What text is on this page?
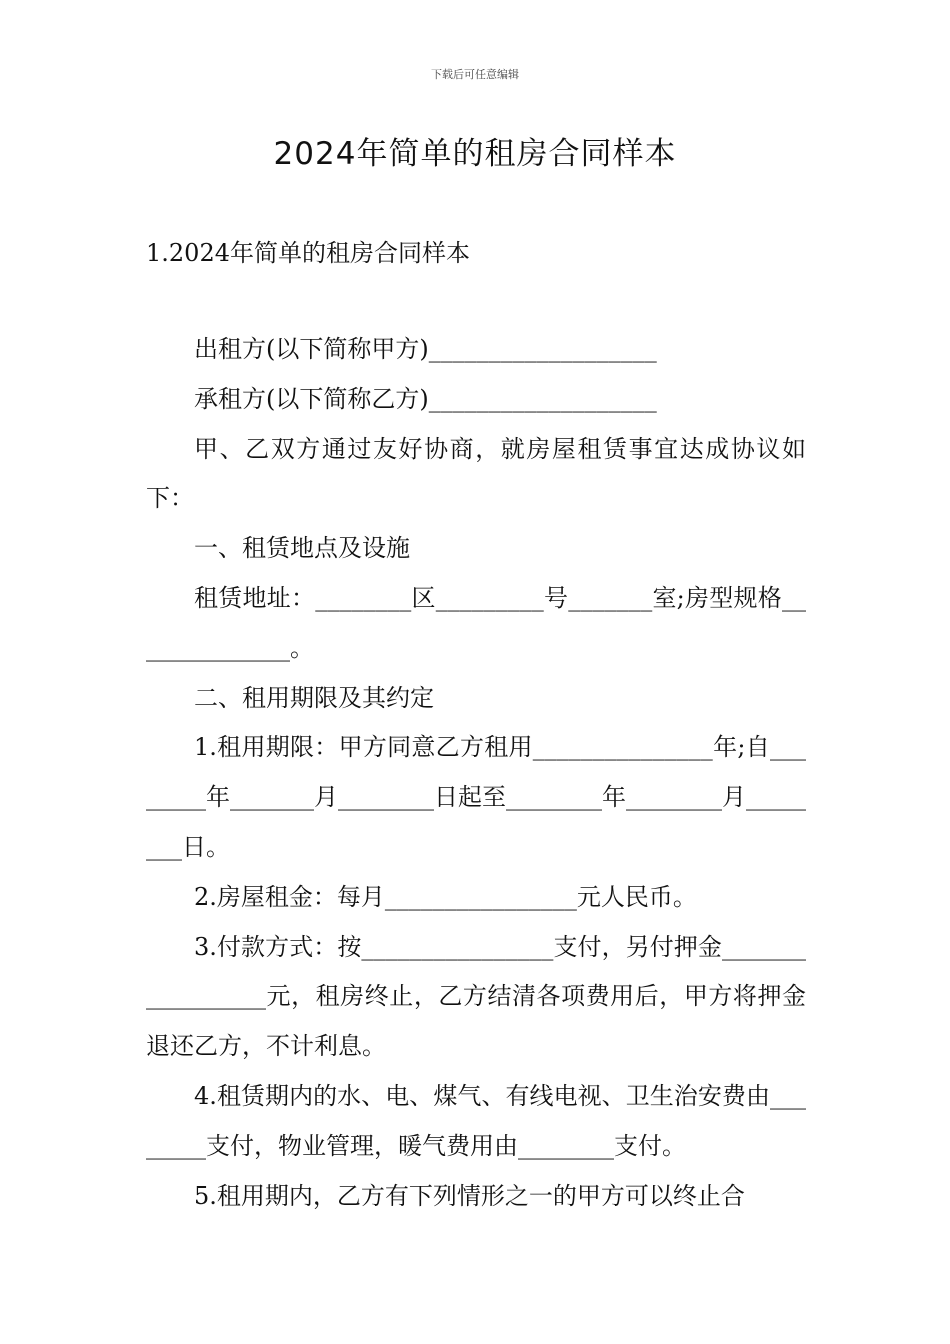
下载后可任意编辑
2024年简单的租房合同样本
1.2024年简单的租房合同样本

出租方(以下简称甲方)___________________

承租方(以下简称乙方)___________________

甲、乙双方通过友好协商，就房屋租赁事宜达成协议如下：

一、租赁地点及设施

租赁地址：________区_________号_______室;房型规格______________。

二、租用期限及其约定

1.租用期限：甲方同意乙方租用_______________年;自________年_______月________日起至________年________月________日。

2.房屋租金：每月________________元人民币。

3.付款方式：按________________支付，另付押金_________________元，租房终止，乙方结清各项费用后，甲方将押金退还乙方，不计利息。

4.租赁期内的水、电、煤气、有线电视、卫生治安费由________支付，物业管理，暖气费用由________支付。

5.租用期内，乙方有下列情形之一的甲方可以终止合
